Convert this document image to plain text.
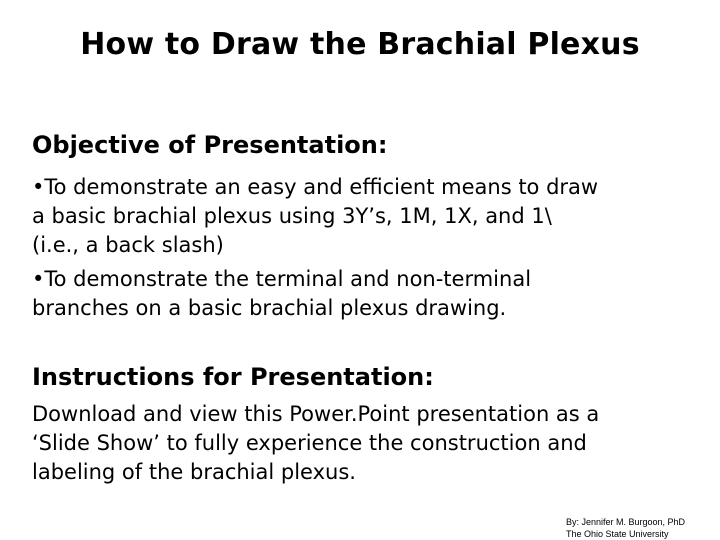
How to Draw the Brachial Plexus
Objective of Presentation:
•To demonstrate an easy and efficient means to draw
a basic brachial plexus using 3Y’s, 1M, 1X, and 1\
(i.e., a back slash)
•To demonstrate the terminal and non-terminal
branches on a basic brachial plexus drawing.
Instructions for Presentation:
Download and view this Power.Point presentation as a
‘Slide Show’ to fully experience the construction and
labeling of the brachial plexus.
By: Jennifer M. Burgoon, PhD
The Ohio State University
